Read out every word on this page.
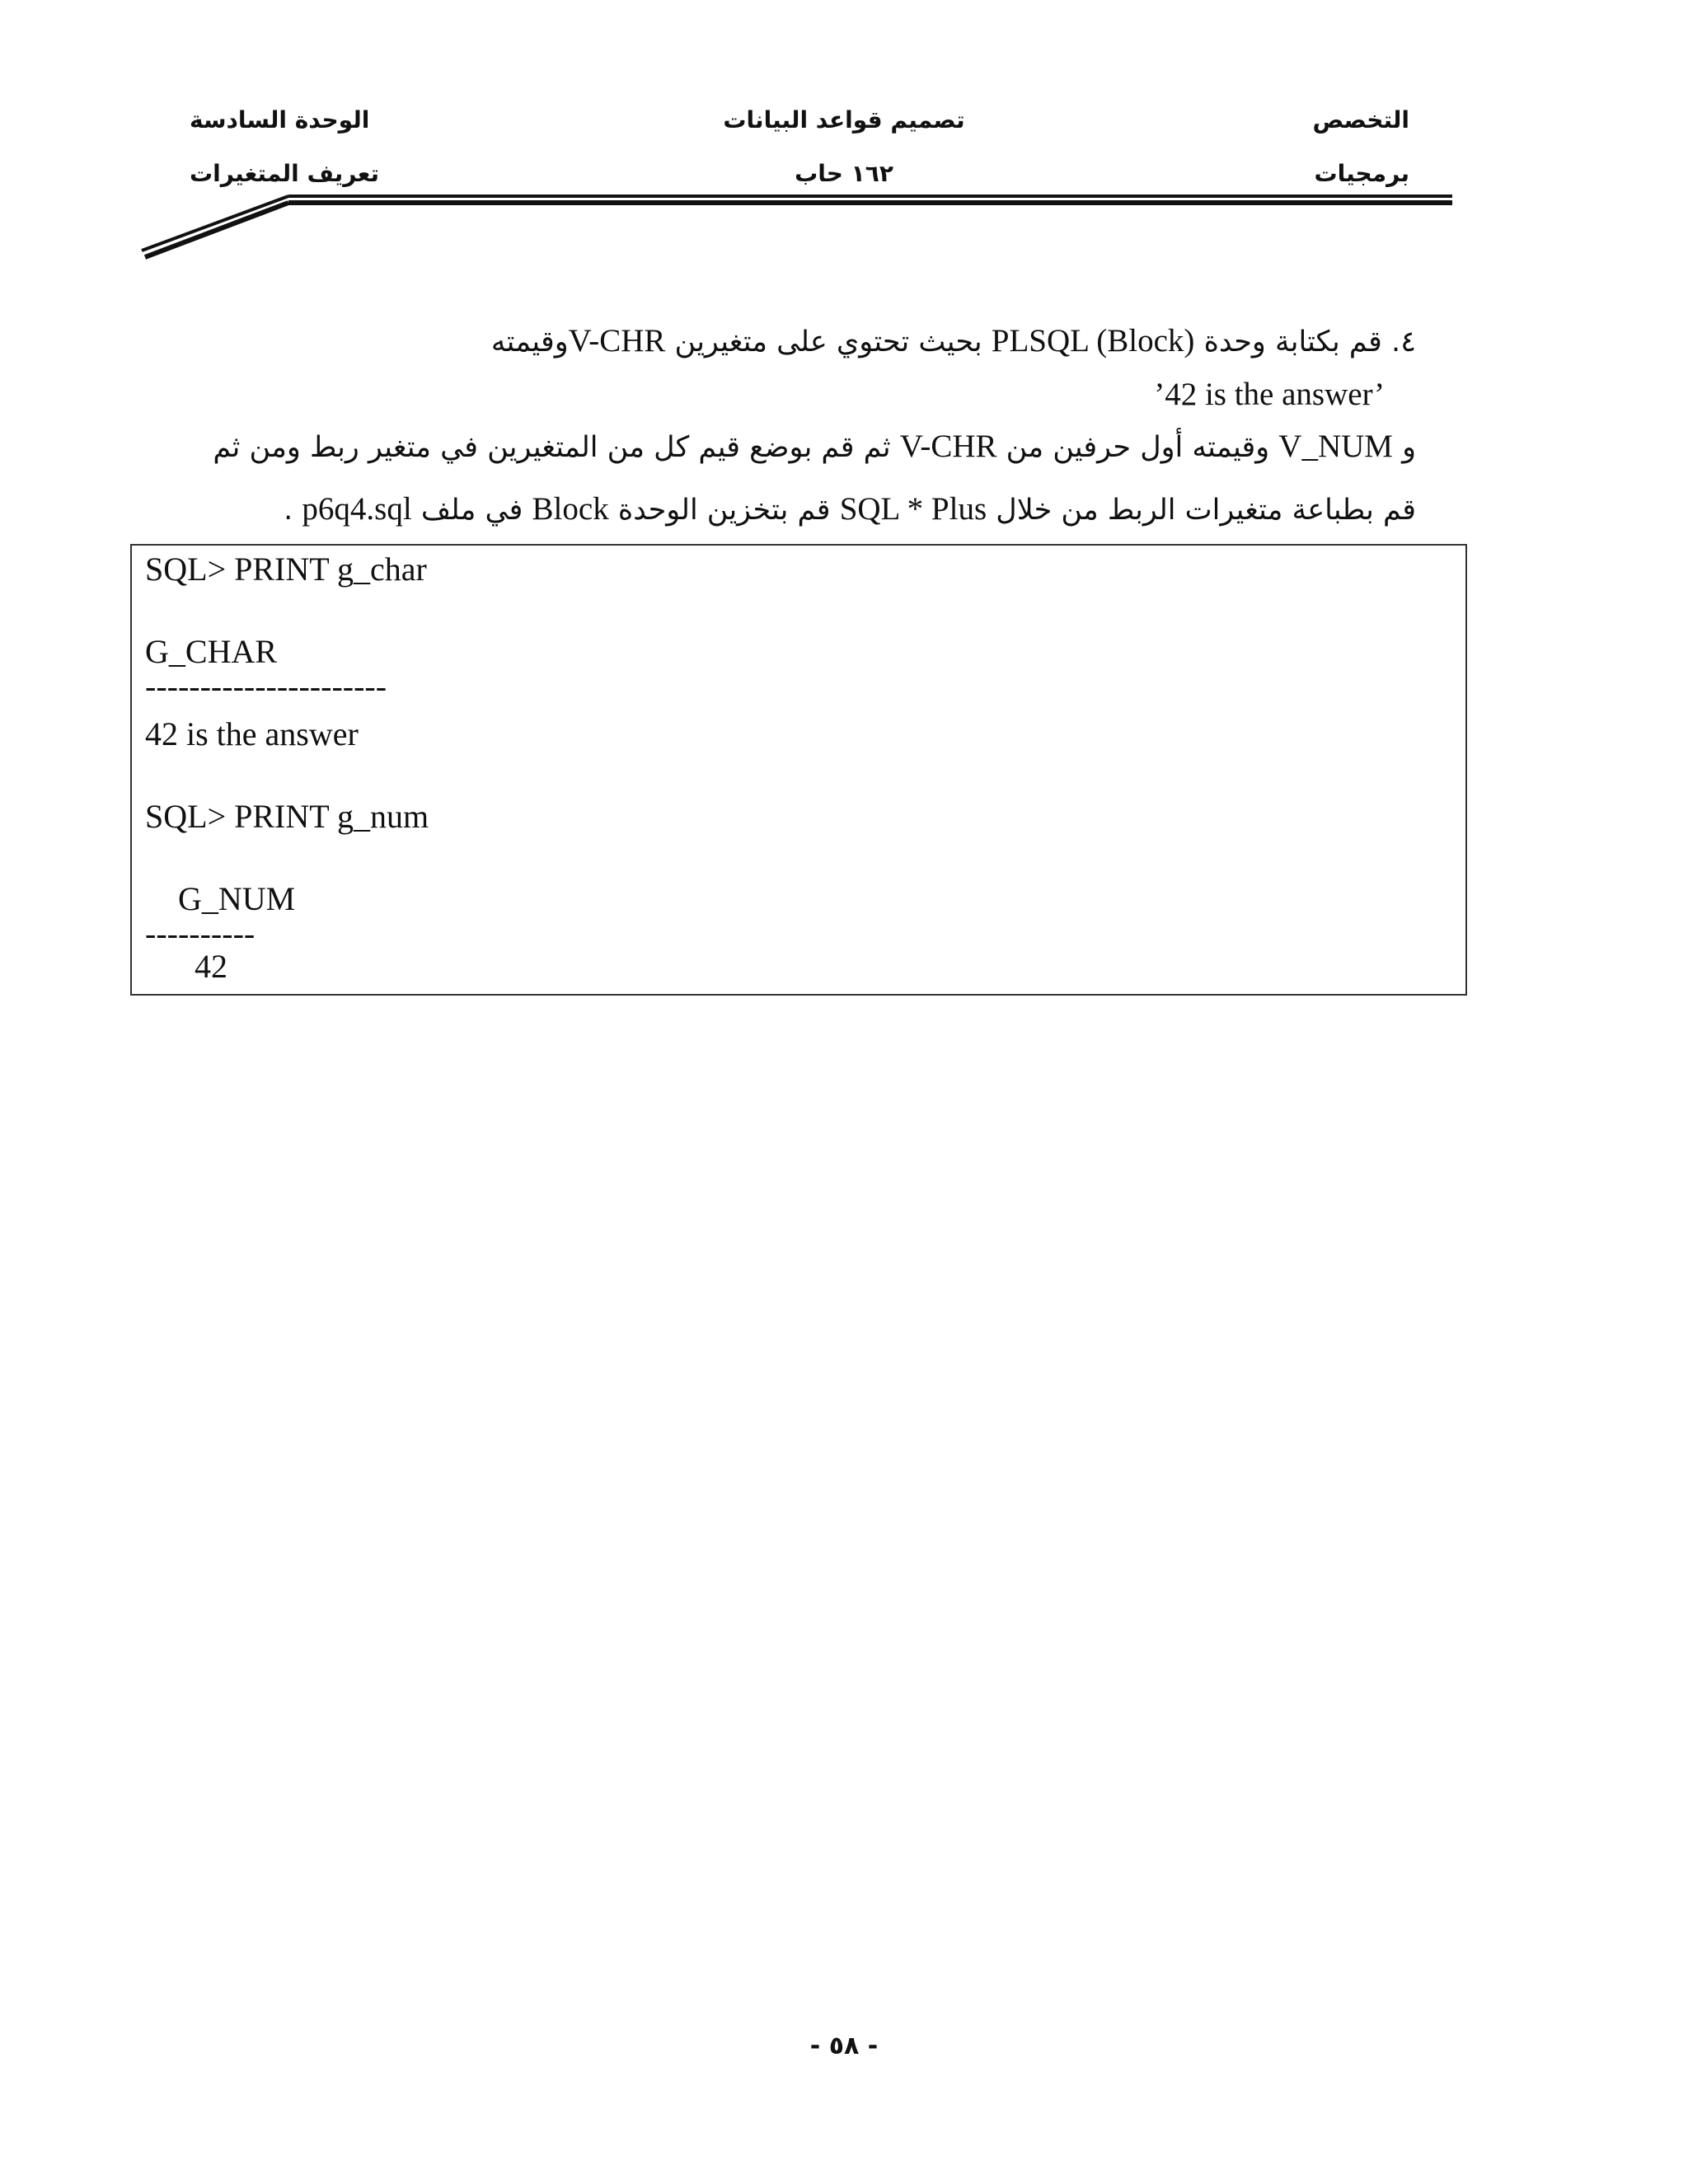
التخصص
برمجيات
تصميم قواعد البيانات
١٦٢ حاب
الوحدة السادسة
تعريف المتغيرات
٤. قم بكتابة وحدة PLSQL (Block) بحيث تحتوي على متغيرين V-CHRوقيمته
’42 is the answer’
و V_NUM وقيمته أول حرفين من V-CHR ثم قم بوضع قيم كل من المتغيرين في متغير ربط ومن ثم
قم بطباعة متغيرات الربط من خلال SQL * Plus قم بتخزين الوحدة Block في ملف p6q4.sql .
SQL> PRINT g_char
G_CHAR
----------------------
42 is the answer
SQL> PRINT g_num
G_NUM
----------
42
- ٥٨ -
